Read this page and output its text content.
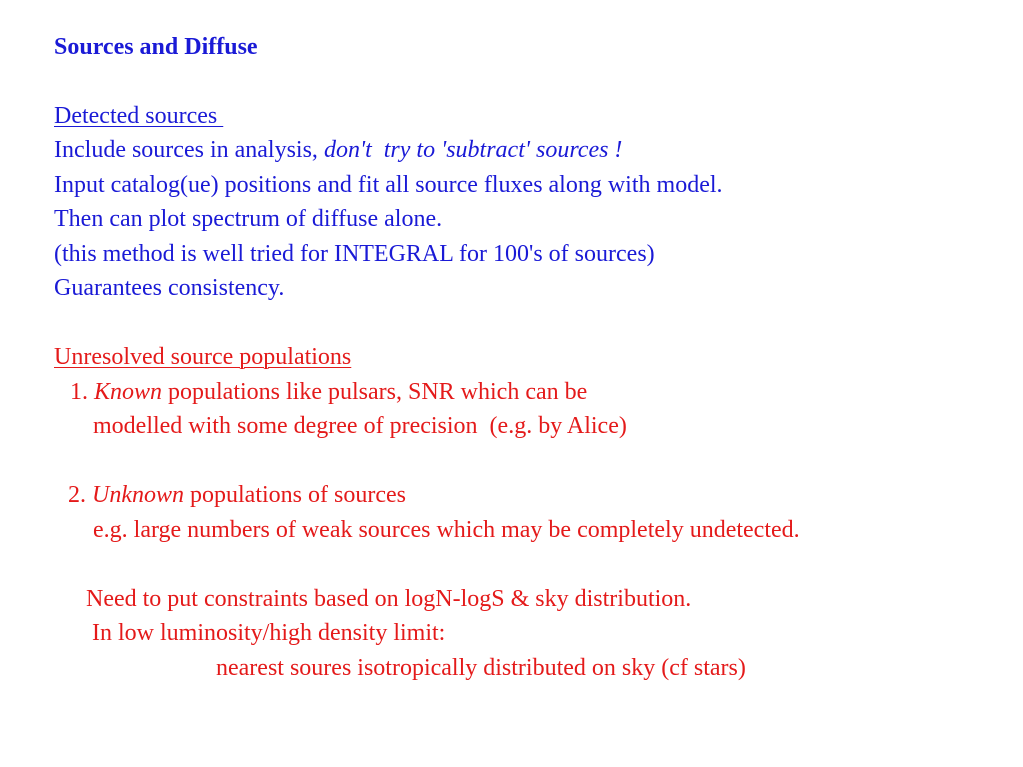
Sources and Diffuse
Detected sources
Include sources in analysis, don't  try to 'subtract' sources !
Input catalog(ue) positions and fit all source fluxes along with model.
Then can plot spectrum of diffuse alone.
(this method is well tried for INTEGRAL for 100's of sources)
Guarantees consistency.
Unresolved source populations
1. Known populations like pulsars, SNR which can be
modelled with some degree of precision  (e.g. by Alice)
2. Unknown populations of sources
e.g. large numbers of weak sources which may be completely undetected.
Need to put constraints based on logN-logS & sky distribution.
In low luminosity/high density limit:
nearest soures isotropically distributed on sky (cf stars)
